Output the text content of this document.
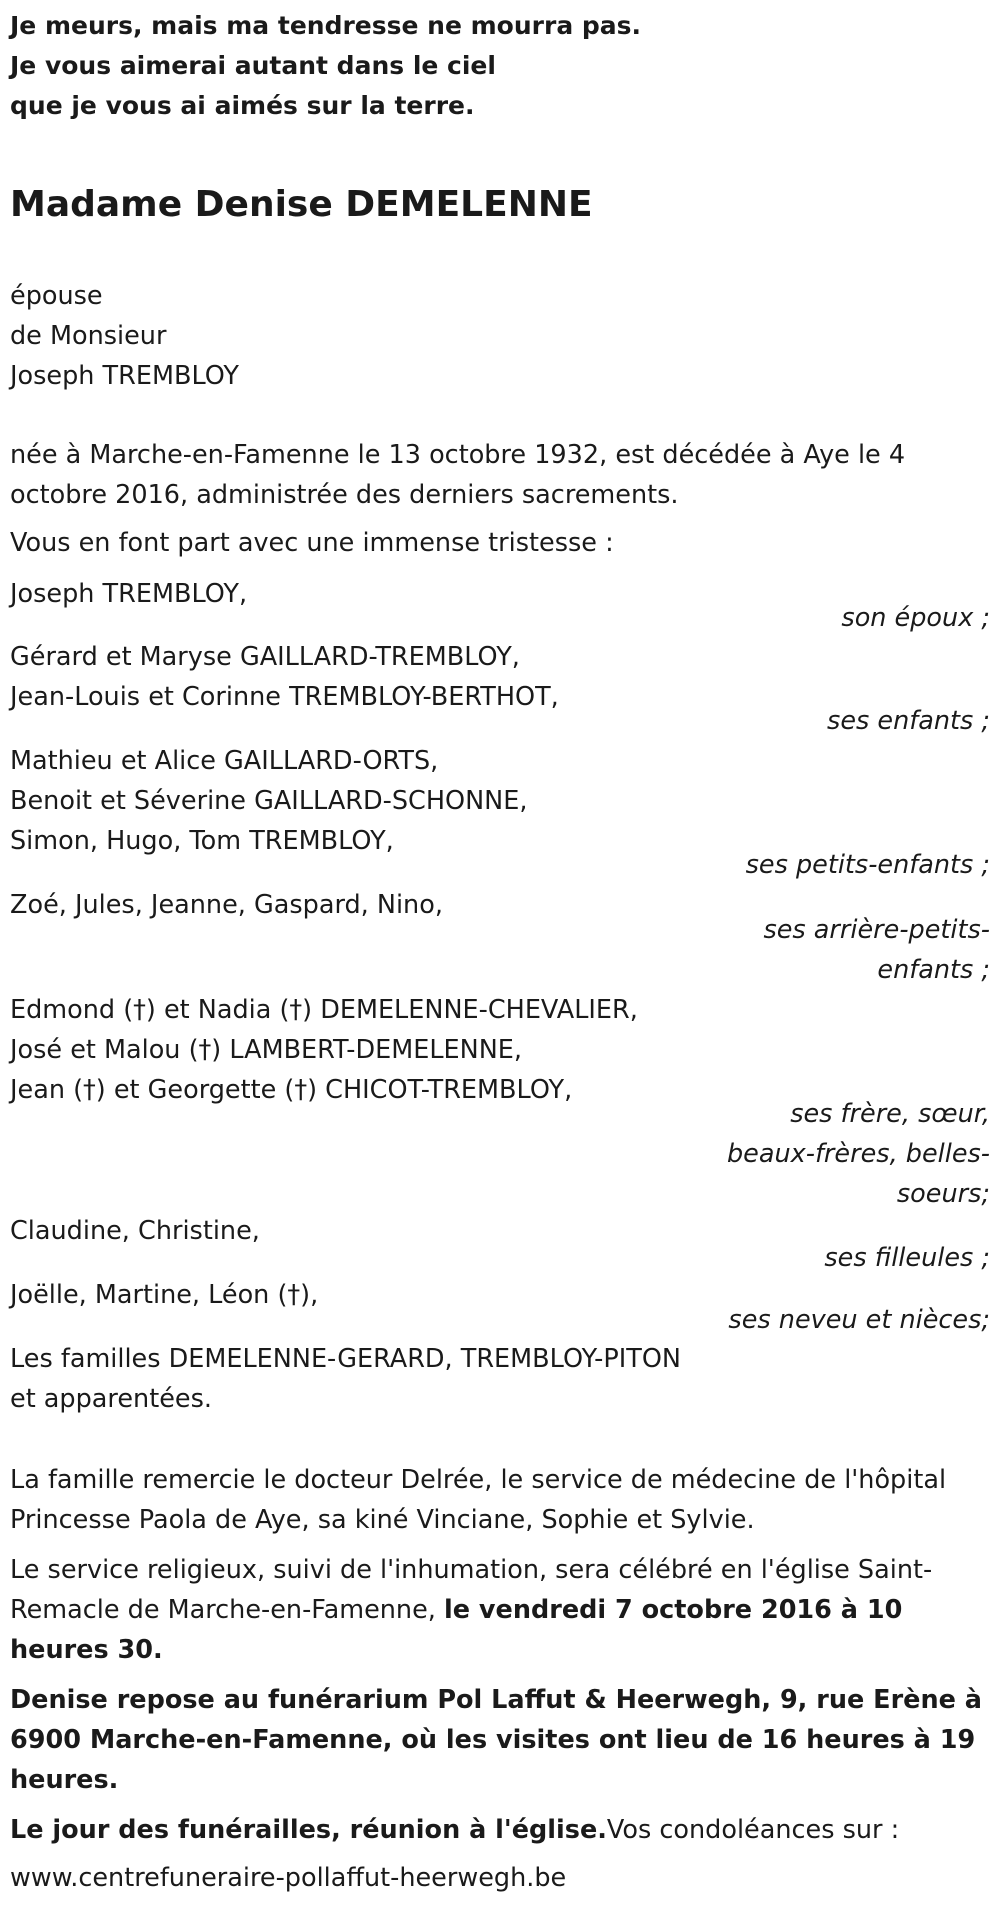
Je meurs, mais ma tendresse ne mourra pas.
Je vous aimerai autant dans le ciel
que je vous ai aimés sur la terre.
Madame Denise DEMELENNE
épouse
de Monsieur
Joseph TREMBLOY

née à Marche-en-Famenne le 13 octobre 1932, est décédée à Aye le 4 octobre 2016, administrée des derniers sacrements.

Vous en font part avec une immense tristesse :

Joseph TREMBLOY,
son époux ;
Gérard et Maryse GAILLARD-TREMBLOY,
Jean-Louis et Corinne TREMBLOY-BERTHOT,
ses enfants ;
Mathieu et Alice GAILLARD-ORTS,
Benoit et Séverine GAILLARD-SCHONNE,
Simon, Hugo, Tom TREMBLOY,
ses petits-enfants ;
Zoé, Jules, Jeanne, Gaspard, Nino,
ses arrière-petits-
enfants ;
Edmond (†) et Nadia (†) DEMELENNE-CHEVALIER,
José et Malou (†) LAMBERT-DEMELENNE,
Jean (†) et Georgette (†) CHICOT-TREMBLOY,
ses frère, sœur,
beaux-frères, belles-
soeurs;
Claudine, Christine,
ses filleules ;
Joëlle, Martine, Léon (†),
ses neveu et nièces;
Les familles DEMELENNE-GERARD, TREMBLOY-PITON
et apparentées.

La famille remercie le docteur Delrée, le service de médecine de l'hôpital Princesse Paola de Aye, sa kiné Vinciane, Sophie et Sylvie.

Le service religieux, suivi de l'inhumation, sera célébré en l'église Saint-Remacle de Marche-en-Famenne, le vendredi 7 octobre 2016 à 10 heures 30.

Denise repose au funérarium Pol Laffut & Heerwegh, 9, rue Erène à 6900 Marche-en-Famenne, où les visites ont lieu de 16 heures à 19 heures.

Le jour des funérailles, réunion à l'église.Vos condoléances sur :

www.centrefuneraire-pollaffut-heerwegh.be
